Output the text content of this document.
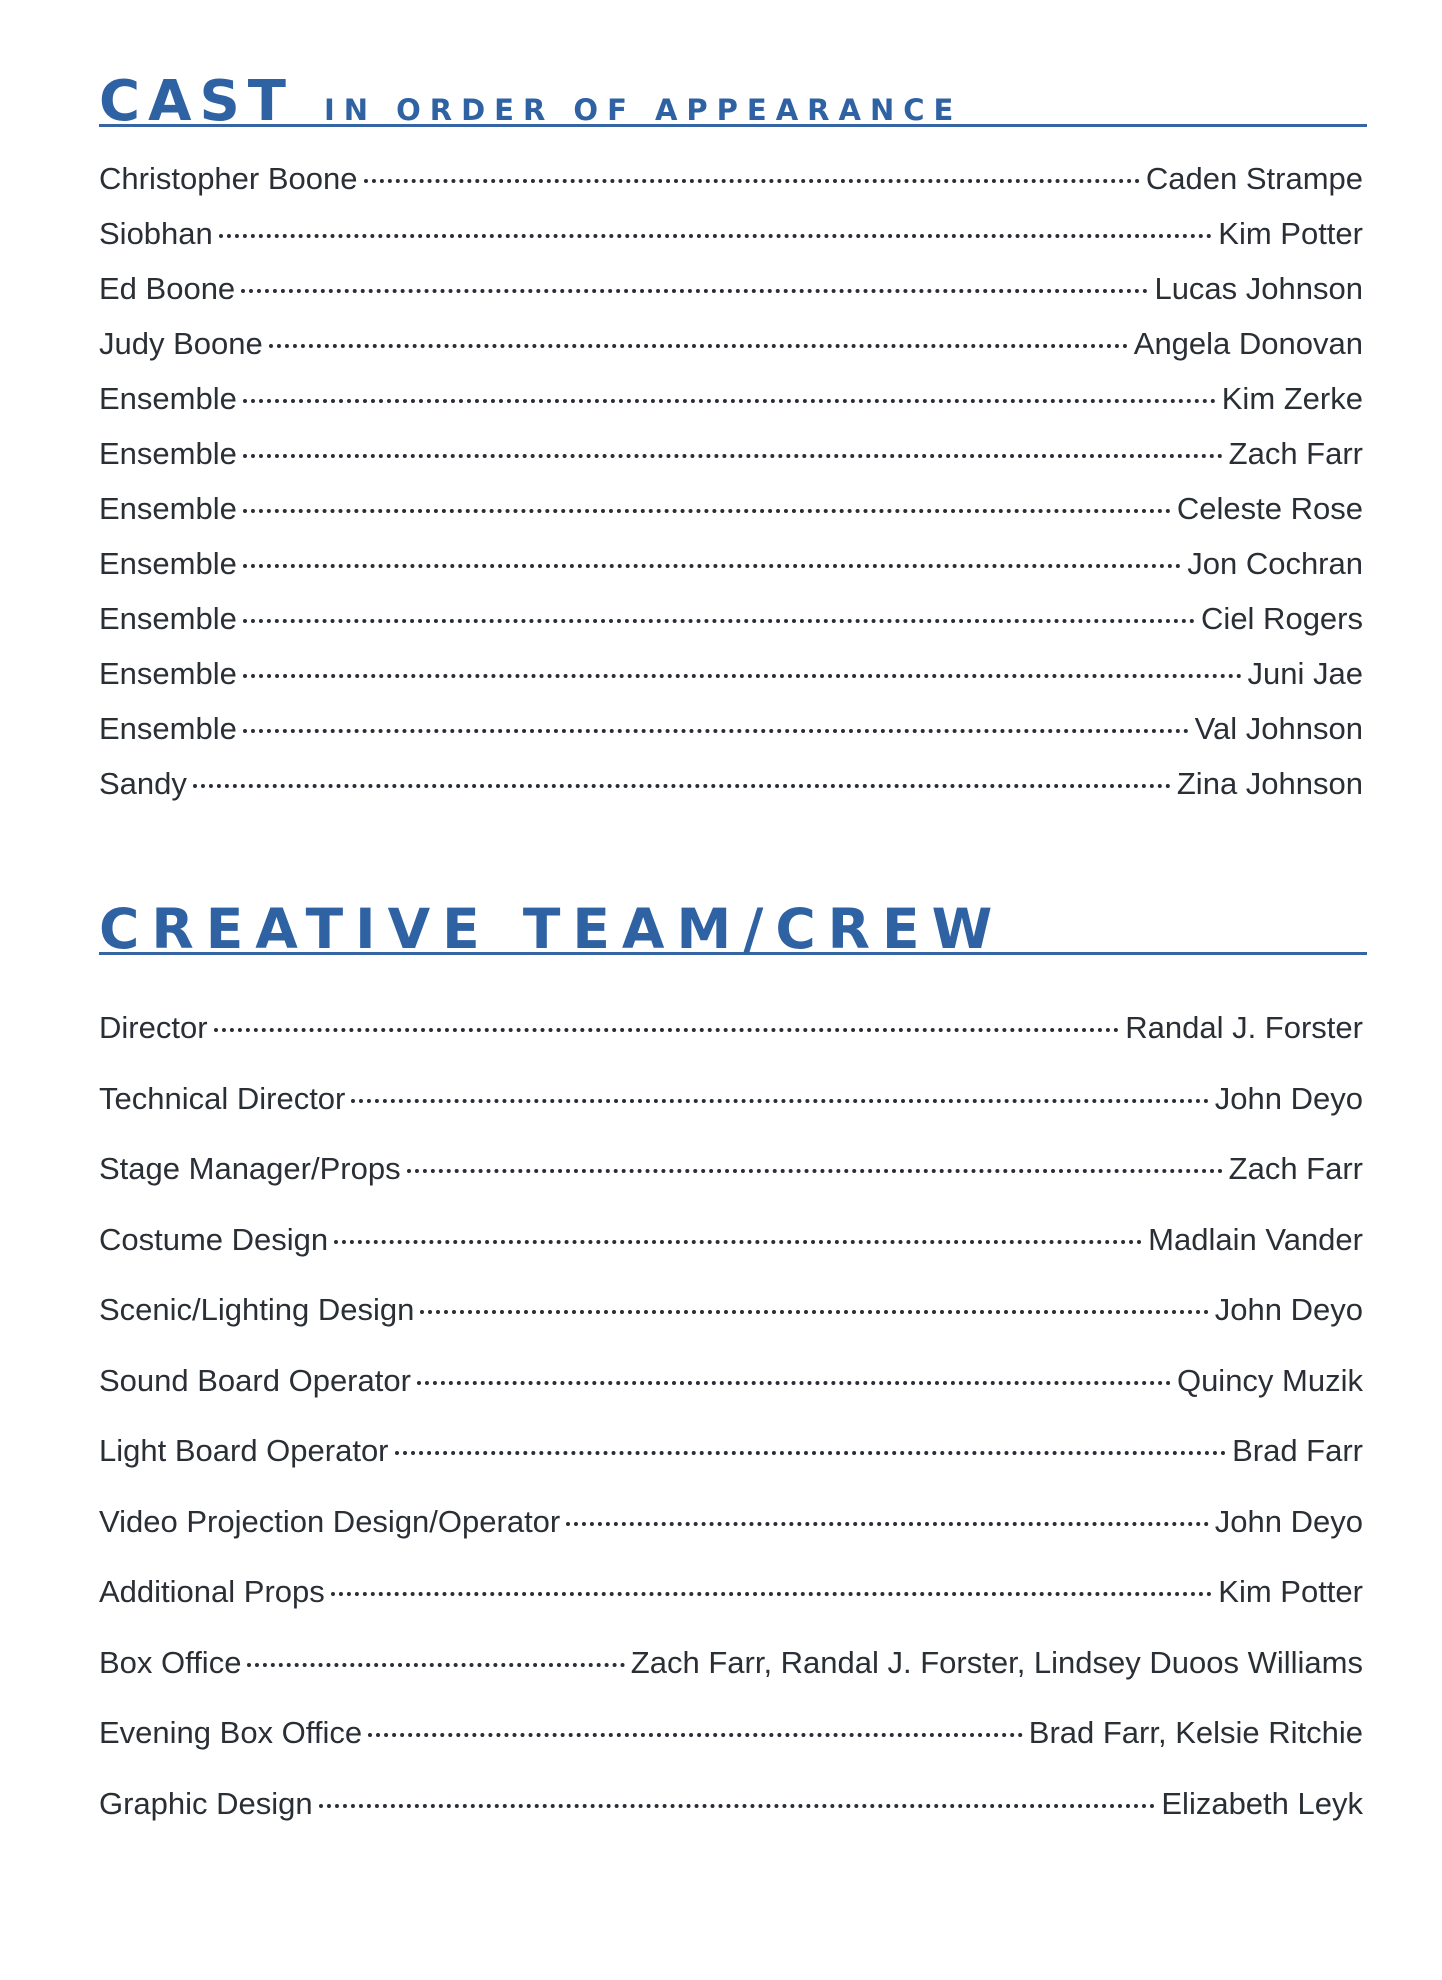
CAST IN ORDER OF APPEARANCE
Christopher Boone	Caden Strampe
Siobhan	Kim Potter
Ed Boone	Lucas Johnson
Judy Boone	Angela Donovan
Ensemble	Kim Zerke
Ensemble	Zach Farr
Ensemble	Celeste Rose
Ensemble	Jon Cochran
Ensemble	Ciel Rogers
Ensemble	Juni Jae
Ensemble	Val Johnson
Sandy	Zina Johnson
CREATIVE TEAM/CREW
Director	Randal J. Forster
Technical Director	John Deyo
Stage Manager/Props	Zach Farr
Costume Design	Madlain Vander
Scenic/Lighting Design	John Deyo
Sound Board Operator	Quincy Muzik
Light Board Operator	Brad Farr
Video Projection Design/Operator	John Deyo
Additional Props	Kim Potter
Box Office	Zach Farr, Randal J. Forster, Lindsey Duoos Williams
Evening Box Office	Brad Farr, Kelsie Ritchie
Graphic Design	Elizabeth Leyk
